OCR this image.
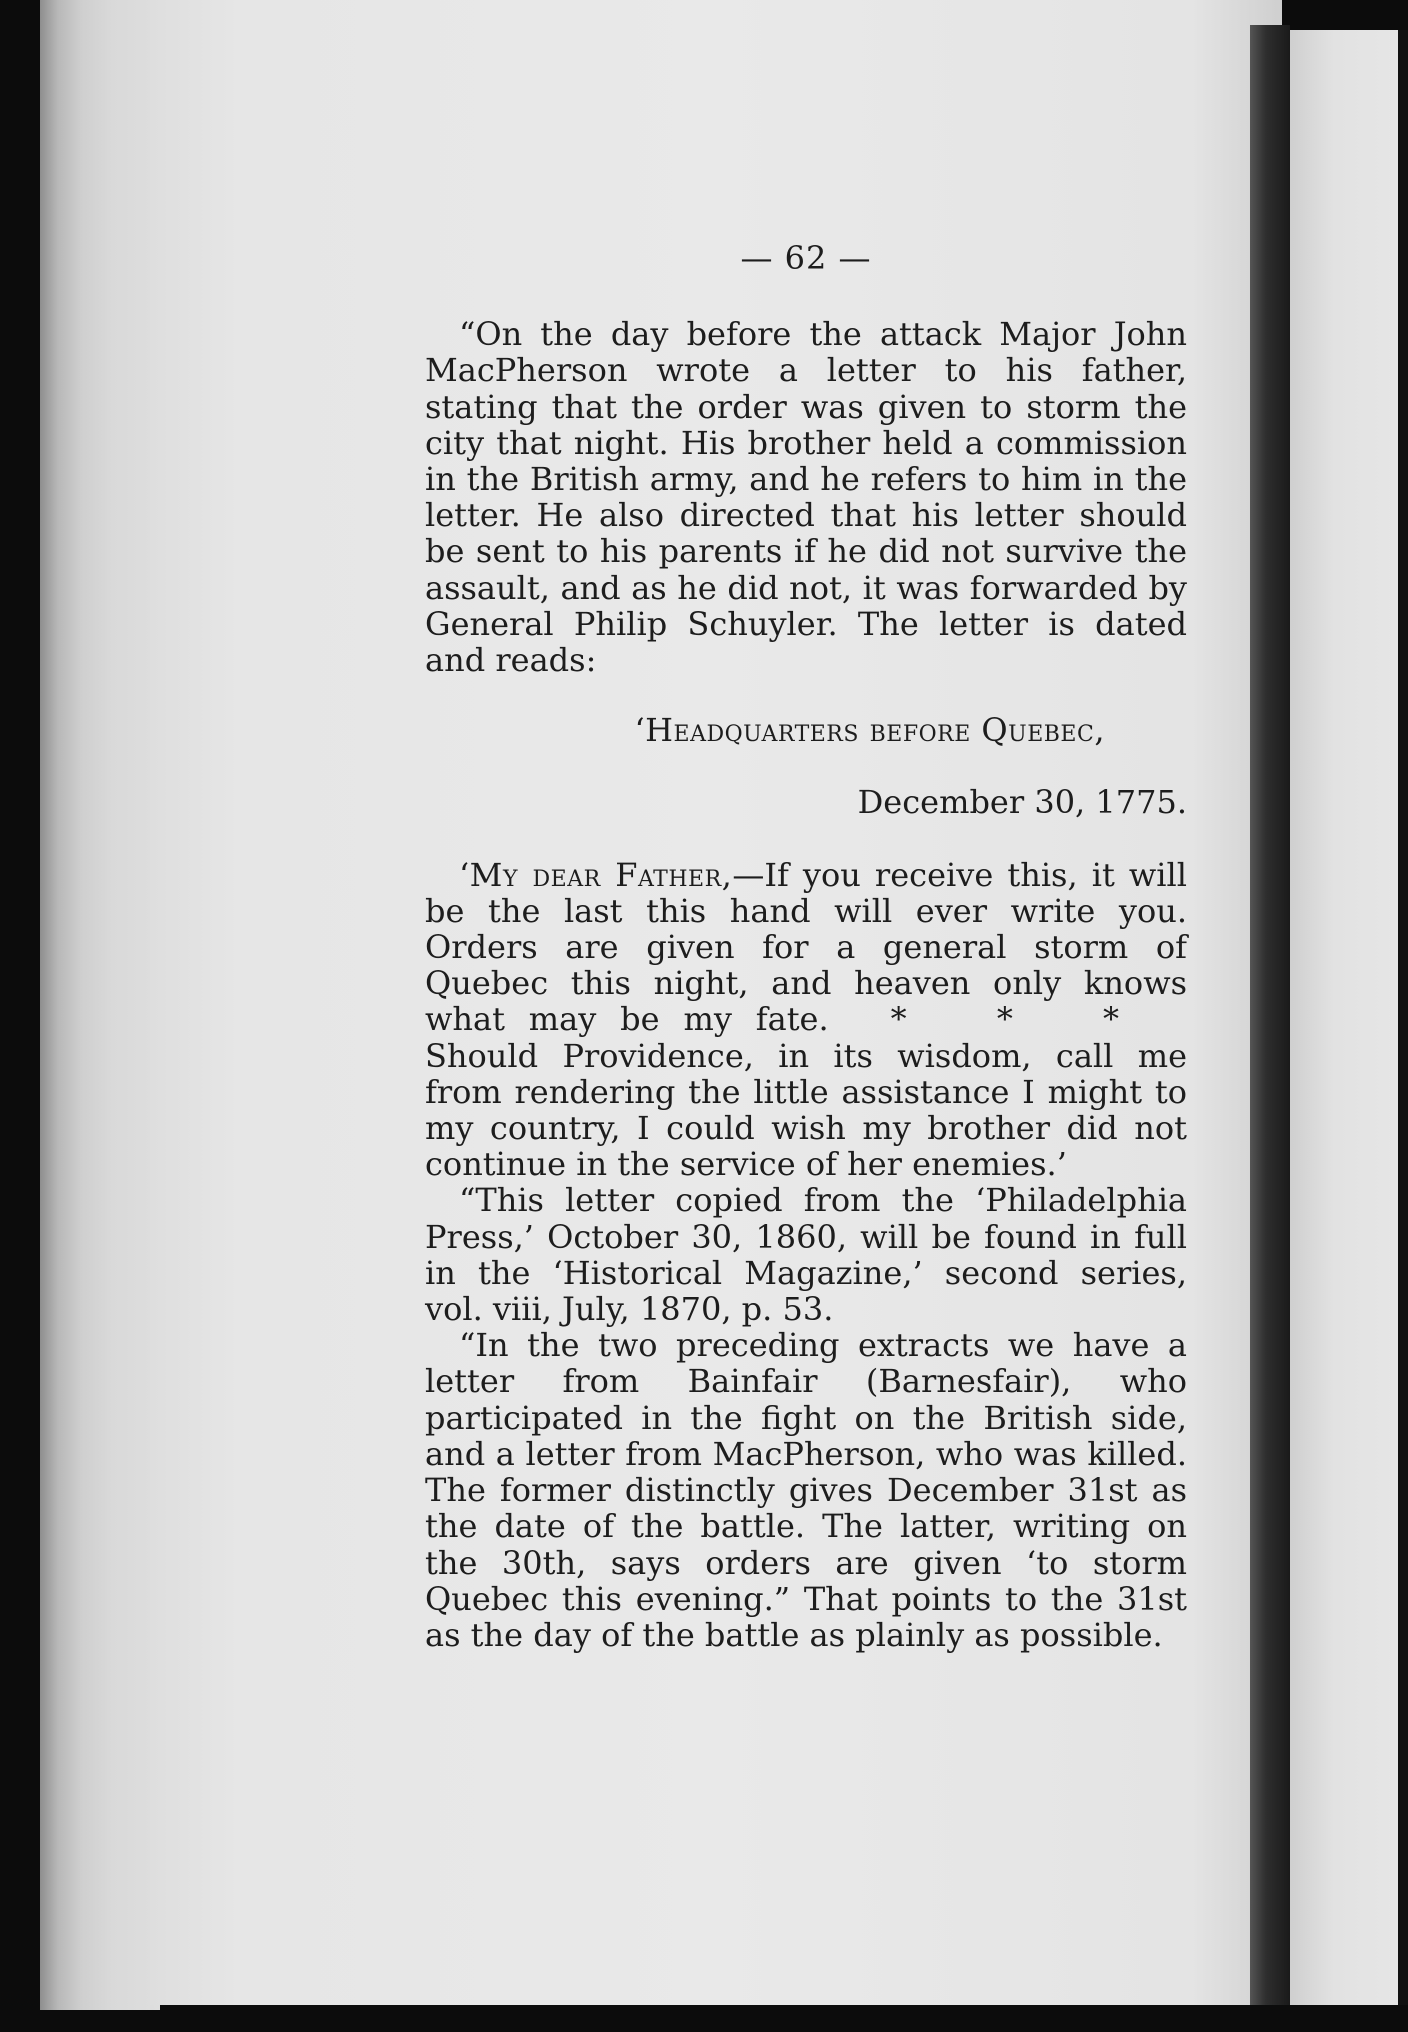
— 62 —

“On the day before the attack Major John MacPherson wrote a letter to his father, stating that the order was given to storm the city that night. His brother held a commission in the British army, and he refers to him in the letter. He also directed that his letter should be sent to his parents if he did not survive the assault, and as he did not, it was forwarded by General Philip Schuyler. The letter is dated and reads:

‘Headquarters before Quebec,
December 30, 1775.

‘My dear Father,—If you receive this, it will be the last this hand will ever write you. Orders are given for a general storm of Quebec this night, and heaven only knows what may be my fate. * * *Should Providence, in its wisdom, call me from rendering the little assistance I might to my country, I could wish my brother did not continue in the service of her enemies.’

“This letter copied from the ‘Philadelphia Press,’ October 30, 1860, will be found in full in the ‘Historical Magazine,’ second series, vol. viii, July, 1870, p. 53.

“In the two preceding extracts we have a letter from Bainfair (Barnesfair), who participated in the fight on the British side, and a letter from MacPherson, who was killed. The former distinctly gives December 31st as the date of the battle. The latter, writing on the 30th, says orders are given ‘to storm Quebec this evening.” That points to the 31st as the day of the battle as plainly as possible.
